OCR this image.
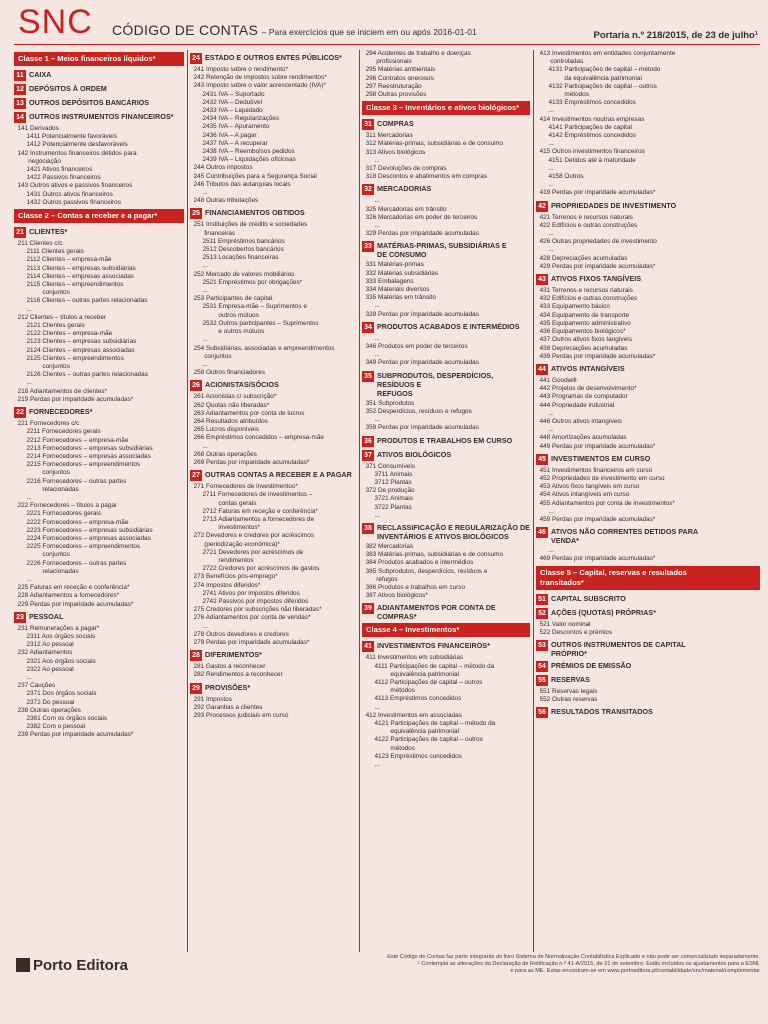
SNC CÓDIGO DE CONTAS – Para exercícios que se iniciem em ou após 2016-01-01	Portaria n.º 218/2015, de 23 de julho¹
Classe 1 – Meios financeiros líquidos*
11 CAIXA
12 DEPÓSITOS À ORDEM
13 OUTROS DEPÓSITOS BANCÁRIOS
14 OUTROS INSTRUMENTOS FINANCEIROS*
141 Derivados
1411 Potencialmente favoráveis
1412 Potencialmente desfavoráveis
142 Instrumentos financeiros detidos para
negociação
1421 Ativos financeiros
1422 Passivos financeiros
143 Outros ativos e passivos financeiros
1431 Outros ativos financeiros
1432 Outros passivos financeiros
Classe 2 – Contas a receber e a pagar*
21 CLIENTES*
211 Clientes c/c
2111 Clientes gerais
2112 Clientes – empresa-mãe
2113 Clientes – empresas subsidiárias
2114 Clientes – empresas associadas
2115 Clientes – empreendimentos
conjuntos
2116 Clientes – outras partes relacionadas
...
212 Clientes – títulos a receber
2121 Clientes gerais
2122 Clientes – empresa-mãe
2123 Clientes – empresas subsidiárias
2124 Clientes – empresas associadas
2125 Clientes – empreendimentos
conjuntos
2126 Clientes – outras partes relacionadas
...
218 Adiantamentos de clientes*
219 Perdas por imparidade acumuladas*
22 FORNECEDORES*
221 Fornecedores c/c
2211 Fornecedores gerais
2212 Fornecedores – empresa-mãe
2213 Fornecedores – empresas subsidiárias
2214 Fornecedores – empresas associadas
2215 Fornecedores – empreendimentos
conjuntos
2216 Fornecedores – outras partes
relacionadas
...
222 Fornecedores – títulos a pagar
2221 Fornecedores gerais
2222 Fornecedores – empresa-mãe
2223 Fornecedores – empresas subsidiárias
2224 Fornecedores – empresas associadas
2225 Fornecedores – empreendimentos
conjuntos
2226 Fornecedores – outras partes
relacionadas
...
225 Faturas em receção e conferência*
228 Adiantamentos a fornecedores*
229 Perdas por imparidade acumuladas*
23 PESSOAL
231 Remunerações a pagar*
2311 Aos órgãos sociais
2312 Ao pessoal
232 Adiantamentos
2321 Aos órgãos sociais
2322 Ao pessoal
...
237 Cauções
2371 Dos órgãos sociais
2372 Do pessoal
238 Outras operações
2381 Com os órgãos sociais
2382 Com o pessoal
239 Perdas por imparidade acumuladas*
24 ESTADO E OUTROS ENTES PÚBLICOS*
241 Imposto sobre o rendimento*
242 Retenção de impostos sobre rendimentos*
243 Imposto sobre o valor acrescentado (IVA)*
2431 IVA – Suportado
2432 IVA – Dedutível
2433 IVA – Liquidado
2434 IVA – Regularizações
2435 IVA – Apuramento
2436 IVA – A pagar
2437 IVA – A recuperar
2438 IVA – Reembolsos pedidos
2439 IVA – Liquidações oficiosas
244 Outros impostos
245 Contribuições para a Segurança Social
246 Tributos das autarquias locais
...
248 Outras tributações
25 FINANCIAMENTOS OBTIDOS
251 Instituições de crédito e sociedades
financeiras
2511 Empréstimos bancários
2512 Descobertos bancários
2513 Locações financeiras
...
252 Mercado de valores mobiliários
2521 Empréstimos por obrigações*
...
253 Participantes de capital
2531 Empresa-mãe – Suprimentos e
outros mútuos
2532 Outros participantes – Suprimentos
e outros mútuos
...
254 Subsidiárias, associadas e empreendimentos
conjuntos
...
258 Outros financiadores
26 ACIONISTAS/SÓCIOS
261 Acionistas c/ subscrição*
262 Quotas não liberadas*
263 Adiantamentos por conta de lucros
264 Resultados atribuídos
265 Lucros disponíveis
266 Empréstimos concedidos – empresa-mãe
...
268 Outras operações
269 Perdas por imparidade acumuladas*
27 OUTRAS CONTAS A RECEBER E A PAGAR
271 Fornecedores de investimentos*
2711 Fornecedores de investimentos –
contas gerais
2712 Faturas em receção e conferência*
2713 Adiantamentos a fornecedores de
investimentos*
272 Devedores e credores por acréscimos
(periodização económica)*
2721 Devedores por acréscimos de
rendimentos
2722 Credores por acréscimos de gastos
273 Benefícios pós-emprego*
274 Impostos diferidos*
2741 Ativos por impostos diferidos
2742 Passivos por impostos diferidos
275 Credores por subscrições não liberadas*
276 Adiantamentos por conta de vendas*
...
278 Outros devedores e credores
279 Perdas por imparidade acumuladas*
28 DIFERIMENTOS*
281 Gastos a reconhecer
282 Rendimentos a reconhecer
29 PROVISÕES*
291 Impostos
292 Garantias a clientes
293 Processos judiciais em curso
294 Acidentes de trabalho e doenças
profissionais
295 Matérias ambientais
296 Contratos onerosos
297 Reestruturação
298 Outras provisões
Classe 3 – Inventários e ativos biológicos*
31 COMPRAS
311 Mercadorias
312 Matérias-primas, subsidiárias e de consumo
313 Ativos biológicos
...
317 Devoluções de compras
318 Descontos e abatimentos em compras
32 MERCADORIAS
...
325 Mercadorias em trânsito
326 Mercadorias em poder de terceiros
...
329 Perdas por imparidade acumuladas
33 MATÉRIAS-PRIMAS, SUBSIDIÁRIAS E
DE CONSUMO
331 Matérias-primas
332 Matérias subsidiárias
333 Embalagens
334 Materiais diversos
335 Matérias em trânsito
...
339 Perdas por imparidade acumuladas
34 PRODUTOS ACABADOS E INTERMÉDIOS
...
346 Produtos em poder de terceiros
...
349 Perdas por imparidade acumuladas
35 SUBPRODUTOS, DESPERDÍCIOS, RESÍDUOS E
REFUGOS
351 Subprodutos
352 Desperdícios, resíduos e refugos
...
359 Perdas por imparidade acumuladas
36 PRODUTOS E TRABALHOS EM CURSO
37 ATIVOS BIOLÓGICOS
371 Consumíveis
3711 Animais
3712 Plantas
372 De produção
3721 Animais
3722 Plantas
...
38 RECLASSIFICAÇÃO E REGULARIZAÇÃO DE
INVENTÁRIOS E ATIVOS BIOLÓGICOS
382 Mercadorias
383 Matérias-primas, subsidiárias e de consumo
384 Produtos acabados e intermédios
385 Subprodutos, desperdícios, resíduos e
refugos
386 Produtos e trabalhos em curso
387 Ativos biológicos*
39 ADIANTAMENTOS POR CONTA DE COMPRAS*
Classe 4 – Investimentos*
41 INVESTIMENTOS FINANCEIROS*
411 Investimentos em subsidiárias
4111 Participações de capital – método da
equivalência patrimonial
4112 Participações de capital – outros
métodos
4113 Empréstimos concedidos
...
412 Investimentos em associadas
4121 Participações de capital – método da
equivalência patrimonial
4122 Participações de capital – outros
métodos
4123 Empréstimos concedidos
...
413 Investimentos em entidades conjuntamente
controladas
4131 Participações de capital – método
da equivalência patrimonial
4132 Participações de capital – outros
métodos
4133 Empréstimos concedidos
...
414 Investimentos noutras empresas
4141 Participações de capital
4142 Empréstimos concedidos
...
415 Outros investimentos financeiros
4151 Detidos até à maturidade
...
4158 Outros
...
419 Perdas por imparidade acumuladas*
42 PROPRIEDADES DE INVESTIMENTO
421 Terrenos e recursos naturais
422 Edifícios e outras construções
...
426 Outras propriedades de investimento
...
428 Depreciações acumuladas
429 Perdas por imparidade acumuladas*
43 ATIVOS FIXOS TANGÍVEIS
431 Terrenos e recursos naturais
432 Edifícios e outras construções
433 Equipamento básico
434 Equipamento de transporte
435 Equipamento administrativo
436 Equipamentos biológicos*
437 Outros ativos fixos tangíveis
438 Depreciações acumuladas
439 Perdas por imparidade acumuladas*
44 ATIVOS INTANGÍVEIS
441 Goodwill
442 Projetos de desenvolvimento*
443 Programas de computador
444 Propriedade industrial
...
446 Outros ativos intangíveis
...
448 Amortizações acumuladas
449 Perdas por imparidade acumuladas*
45 INVESTIMENTOS EM CURSO
451 Investimentos financeiros em curso
452 Propriedades de investimento em curso
453 Ativos fixos tangíveis em curso
454 Ativos intangíveis em curso
455 Adiantamentos por conta de investimentos*
...
459 Perdas por imparidade acumuladas*
46 ATIVOS NÃO CORRENTES DETIDOS PARA
VENDA*
...
469 Perdas por imparidade acumuladas*
Classe 5 – Capital, reservas e resultados
transitados*
51 CAPITAL SUBSCRITO
52 AÇÕES (QUOTAS) PRÓPRIAS*
521 Valor nominal
522 Descontos e prémios
53 OUTROS INSTRUMENTOS DE CAPITAL
PRÓPRIO*
54 PRÉMIOS DE EMISSÃO
55 RESERVAS
551 Reservas legais
552 Outras reservas
56 RESULTADOS TRANSITADOS
Porto Editora	Este Código de Contas faz parte integrante do livro Sistema de Normalização Contabilística Explicado e não pode ser comercializado separadamente.
¹ Contempla as alterações da Declaração de Retificação n.º 41-A/2015, de 21 de setembro. Estão incluídos os ajustamentos para a ESNL
e para as ME. Estas encontram-se em www.portoeditora.pt/contabilidade/snc/material/complementar
